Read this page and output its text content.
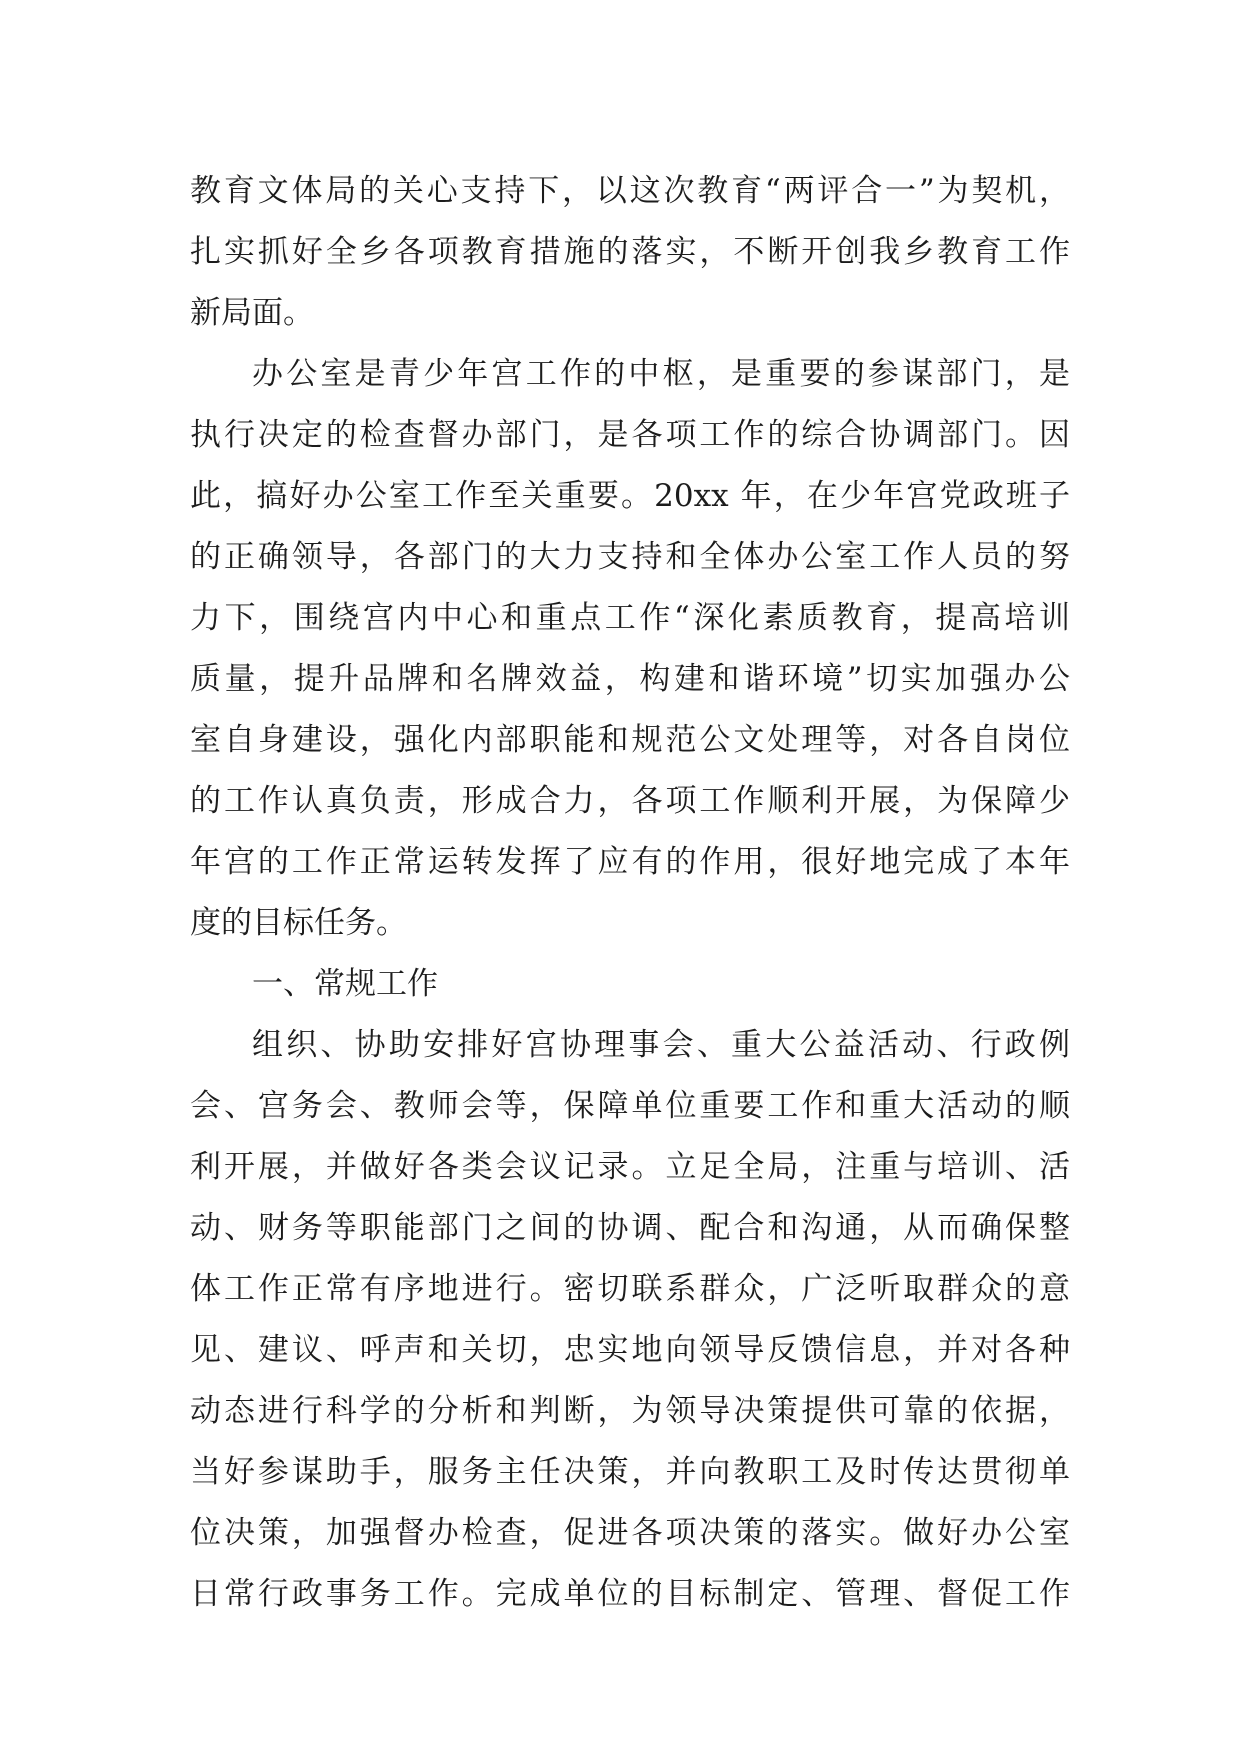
教育文体局的关心支持下，以这次教育“两评合一”为契机，
扎实抓好全乡各项教育措施的落实，不断开创我乡教育工作
新局面。
办公室是青少年宫工作的中枢，是重要的参谋部门，是
执行决定的检查督办部门，是各项工作的综合协调部门。因
此，搞好办公室工作至关重要。20xx 年，在少年宫党政班子
的正确领导，各部门的大力支持和全体办公室工作人员的努
力下，围绕宫内中心和重点工作“深化素质教育，提高培训
质量，提升品牌和名牌效益，构建和谐环境”切实加强办公
室自身建设，强化内部职能和规范公文处理等，对各自岗位
的工作认真负责，形成合力，各项工作顺利开展，为保障少
年宫的工作正常运转发挥了应有的作用，很好地完成了本年
度的目标任务。
一、常规工作
组织、协助安排好宫协理事会、重大公益活动、行政例
会、宫务会、教师会等，保障单位重要工作和重大活动的顺
利开展，并做好各类会议记录。立足全局，注重与培训、活
动、财务等职能部门之间的协调、配合和沟通，从而确保整
体工作正常有序地进行。密切联系群众，广泛听取群众的意
见、建议、呼声和关切，忠实地向领导反馈信息，并对各种
动态进行科学的分析和判断，为领导决策提供可靠的依据，
当好参谋助手，服务主任决策，并向教职工及时传达贯彻单
位决策，加强督办检查，促进各项决策的落实。做好办公室
日常行政事务工作。完成单位的目标制定、管理、督促工作
